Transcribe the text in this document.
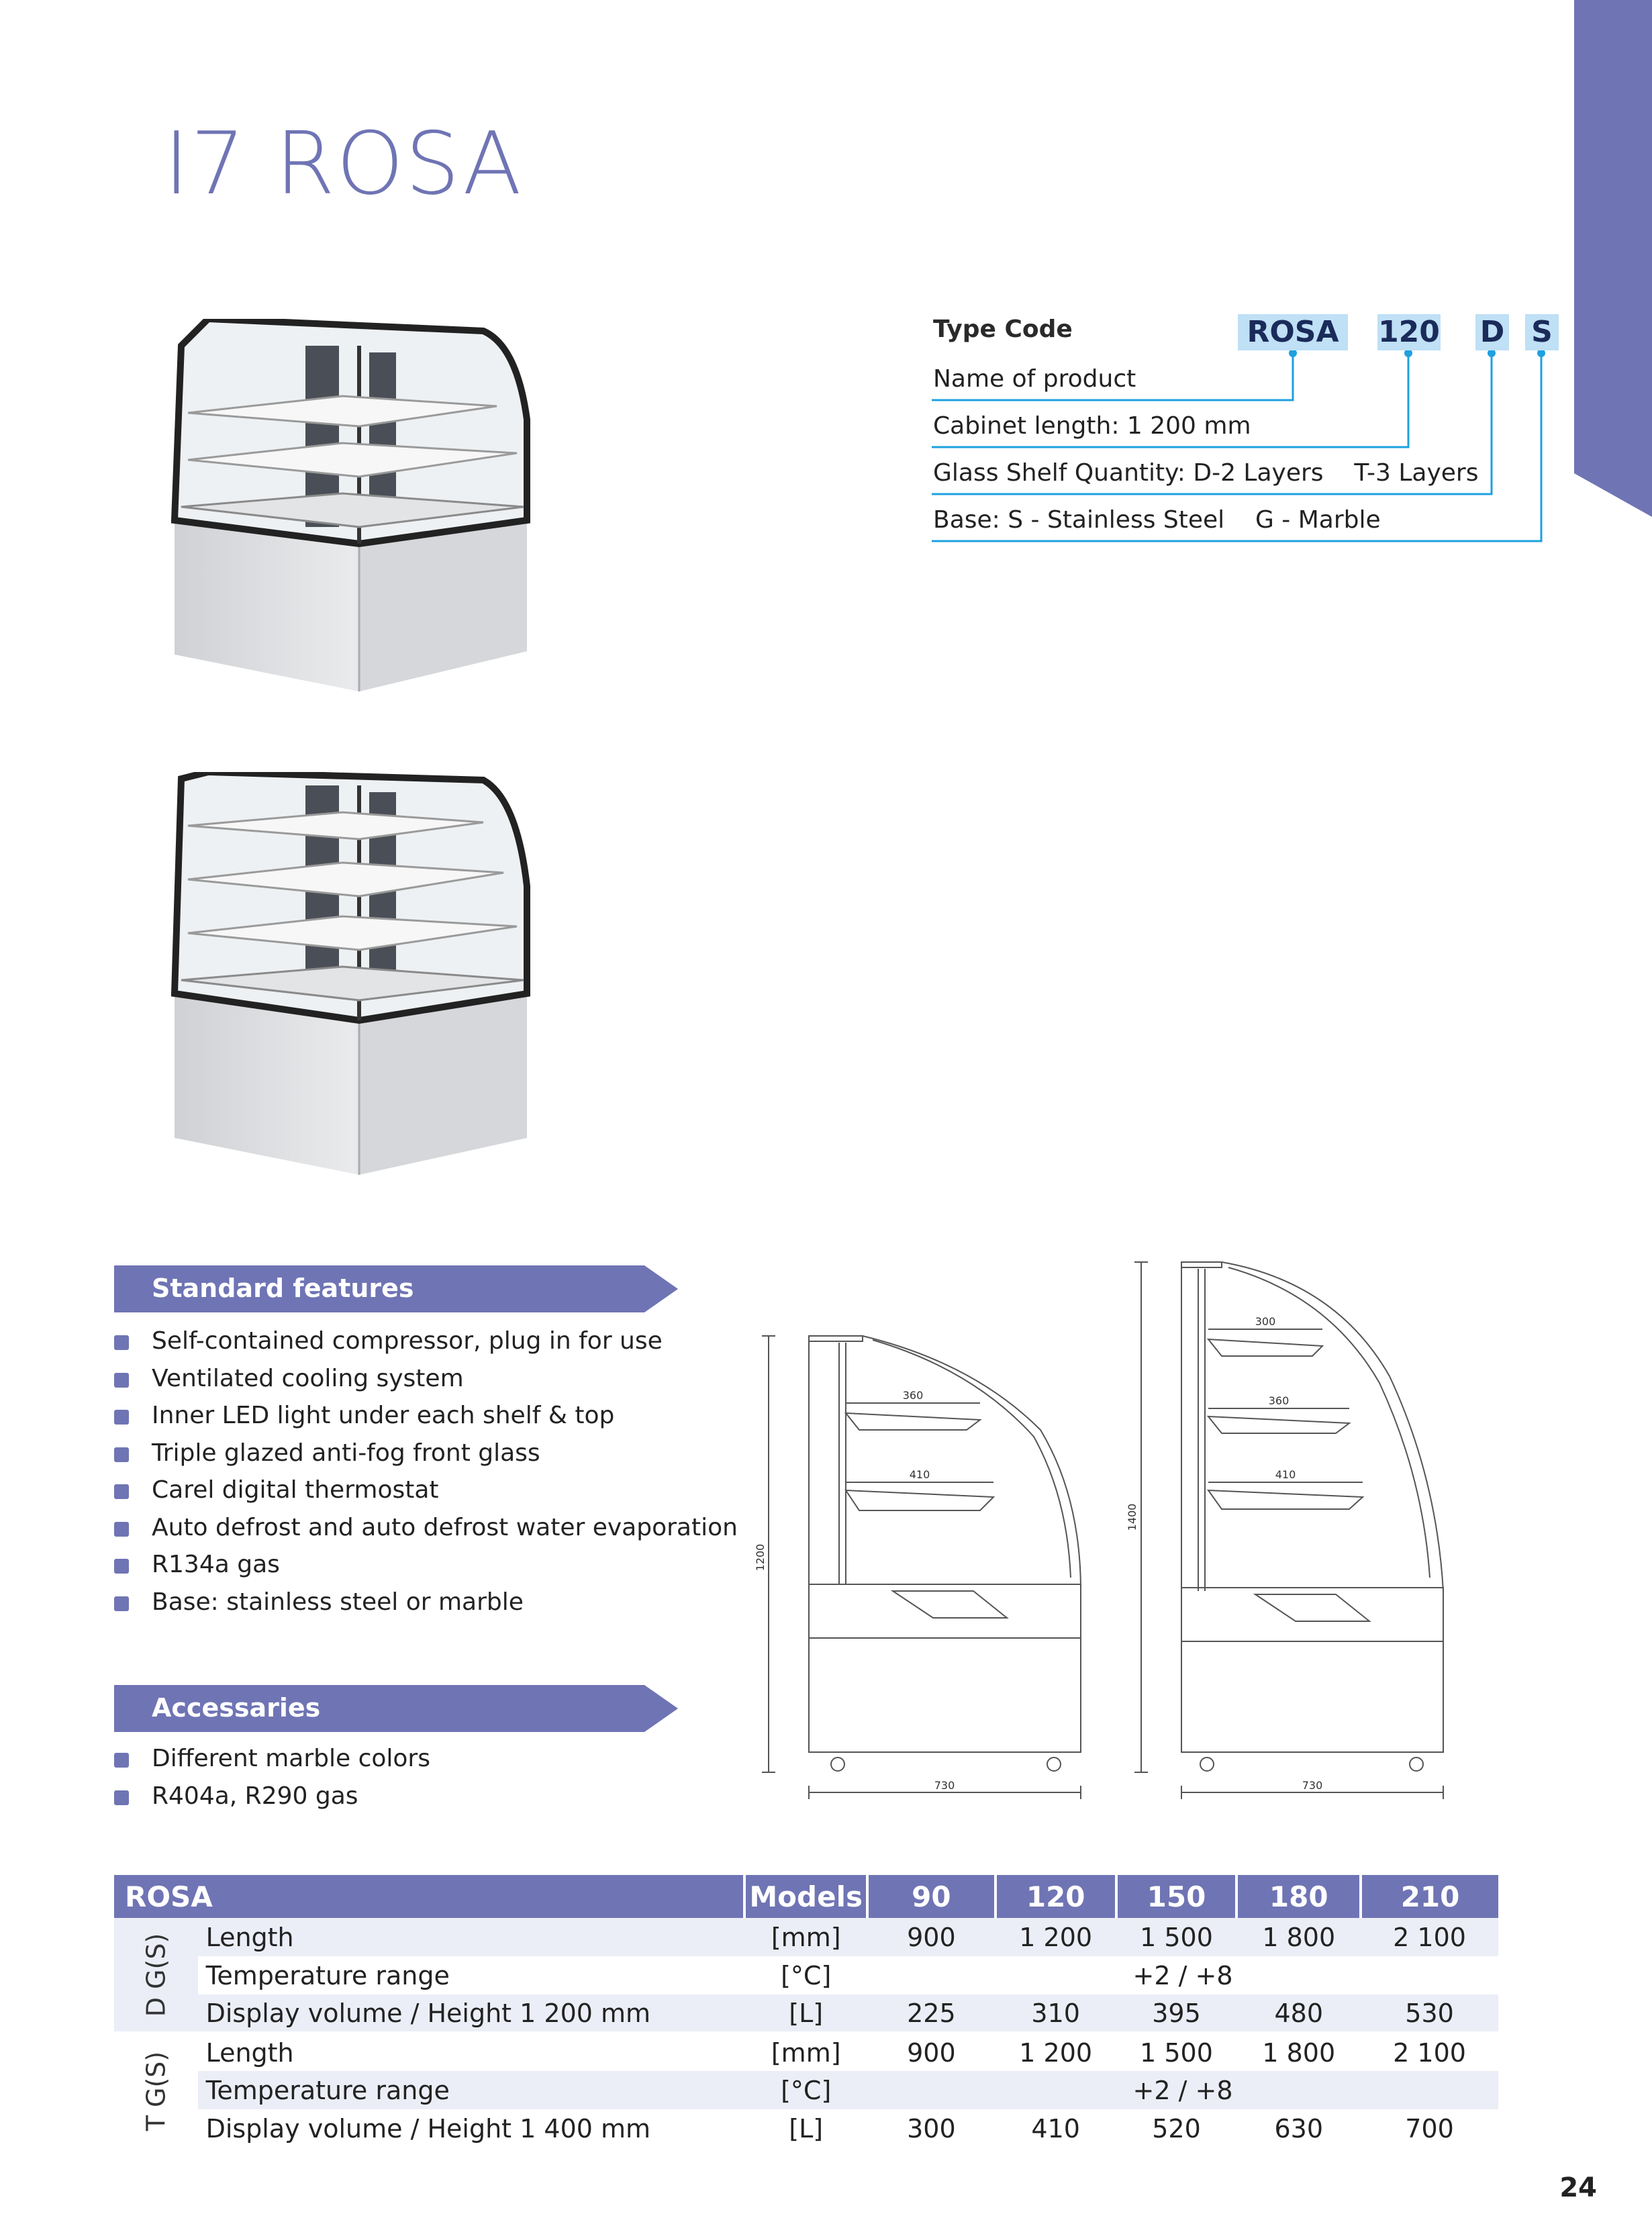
I7 ROSA
Type Code	ROSA	120 D S
Name of product
Cabinet length: 1 200 mm
Glass Shelf Quantity: D-2 Layers    T-3 Layers
Base: S - Stainless Steel    G - Marble
Standard features
Self-contained compressor, plug in for use
Ventilated cooling system
Inner LED light under each shelf & top
Triple glazed anti-fog front glass
Carel digital thermostat
Auto defrost and auto defrost water evaporation
R134a gas
Base: stainless steel or marble
Accessaries
Different marble colors
R404a, R290 gas
1200
360
410
730
1400
300
360
410
730
ROSA		Models	90	120	150	180	210

D G(S)	Length	[mm]	900	1 200	1 500	1 800	2 100
	Temperature range	[°C]	+2 / +8				
	Display volume / Height 1 200 mm	[L]	225	310	395	480	530

T G(S)	Length	[mm]	900	1 200	1 500	1 800	2 100
	Temperature range	[°C]	+2 / +8				
	Display volume / Height 1 400 mm	[L]	300	410	520	630	700
24
